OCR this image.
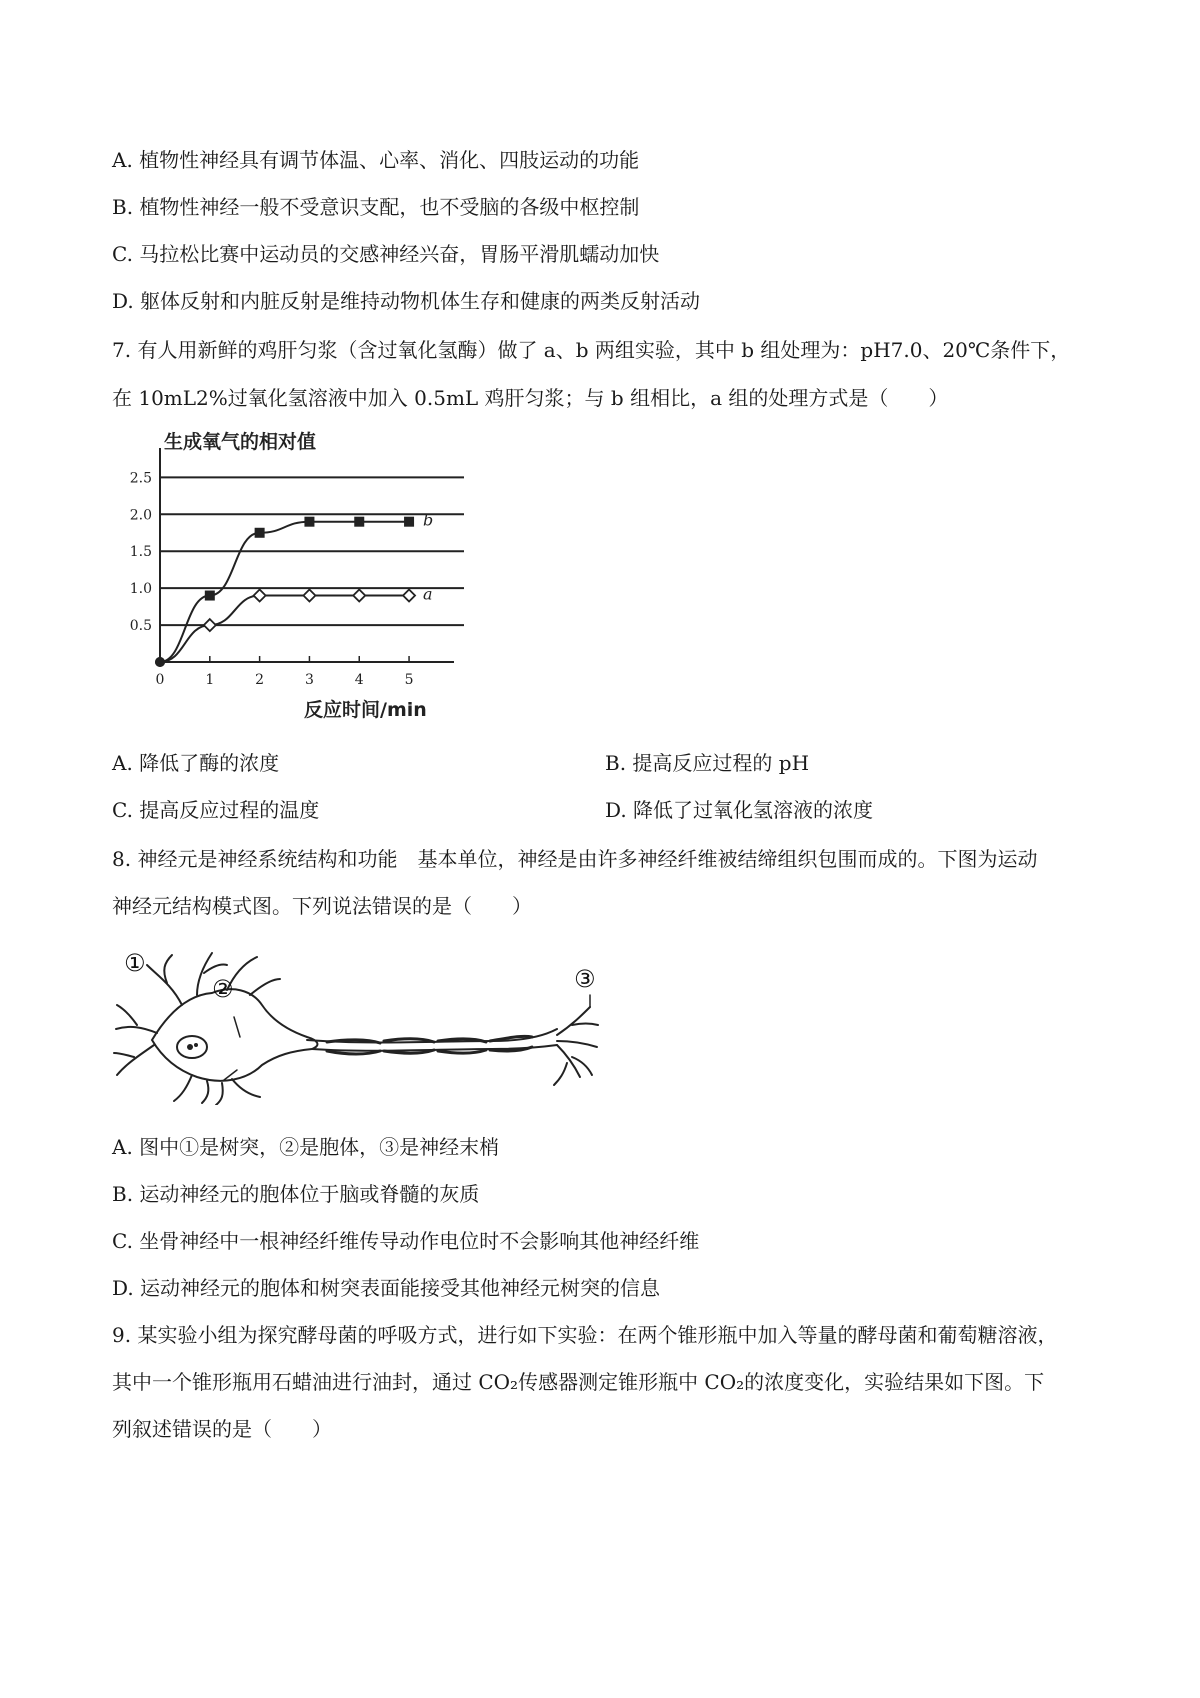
A. 植物性神经具有调节体温、心率、消化、四肢运动的功能
B. 植物性神经一般不受意识支配，也不受脑的各级中枢控制
C. 马拉松比赛中运动员的交感神经兴奋，胃肠平滑肌蠕动加快
D. 躯体反射和内脏反射是维持动物机体生存和健康的两类反射活动
7. 有人用新鲜的鸡肝匀浆（含过氧化氢酶）做了 a、b 两组实验，其中 b 组处理为：pH7.0、20℃条件下，
在 10mL2%过氧化氢溶液中加入 0.5mL 鸡肝匀浆；与 b 组相比，a 组的处理方式是（　　）
0.5
1.0
1.5
2.0
2.5
0	1	2	3	4	5
生成氧气的相对值
反应时间/min
b
a
A. 降低了酶的浓度	B. 提高反应过程的 pH
C. 提高反应过程的温度	D. 降低了过氧化氢溶液的浓度
8. 神经元是神经系统结构和功能　基本单位，神经是由许多神经纤维被结缔组织包围而成的。下图为运动
神经元结构模式图。下列说法错误的是（　　）
①
②	③
A. 图中①是树突，②是胞体，③是神经末梢
B. 运动神经元的胞体位于脑或脊髓的灰质
C. 坐骨神经中一根神经纤维传导动作电位时不会影响其他神经纤维
D. 运动神经元的胞体和树突表面能接受其他神经元树突的信息
9. 某实验小组为探究酵母菌的呼吸方式，进行如下实验：在两个锥形瓶中加入等量的酵母菌和葡萄糖溶液，
其中一个锥形瓶用石蜡油进行油封，通过 CO₂传感器测定锥形瓶中 CO₂的浓度变化，实验结果如下图。下
列叙述错误的是（　　）
